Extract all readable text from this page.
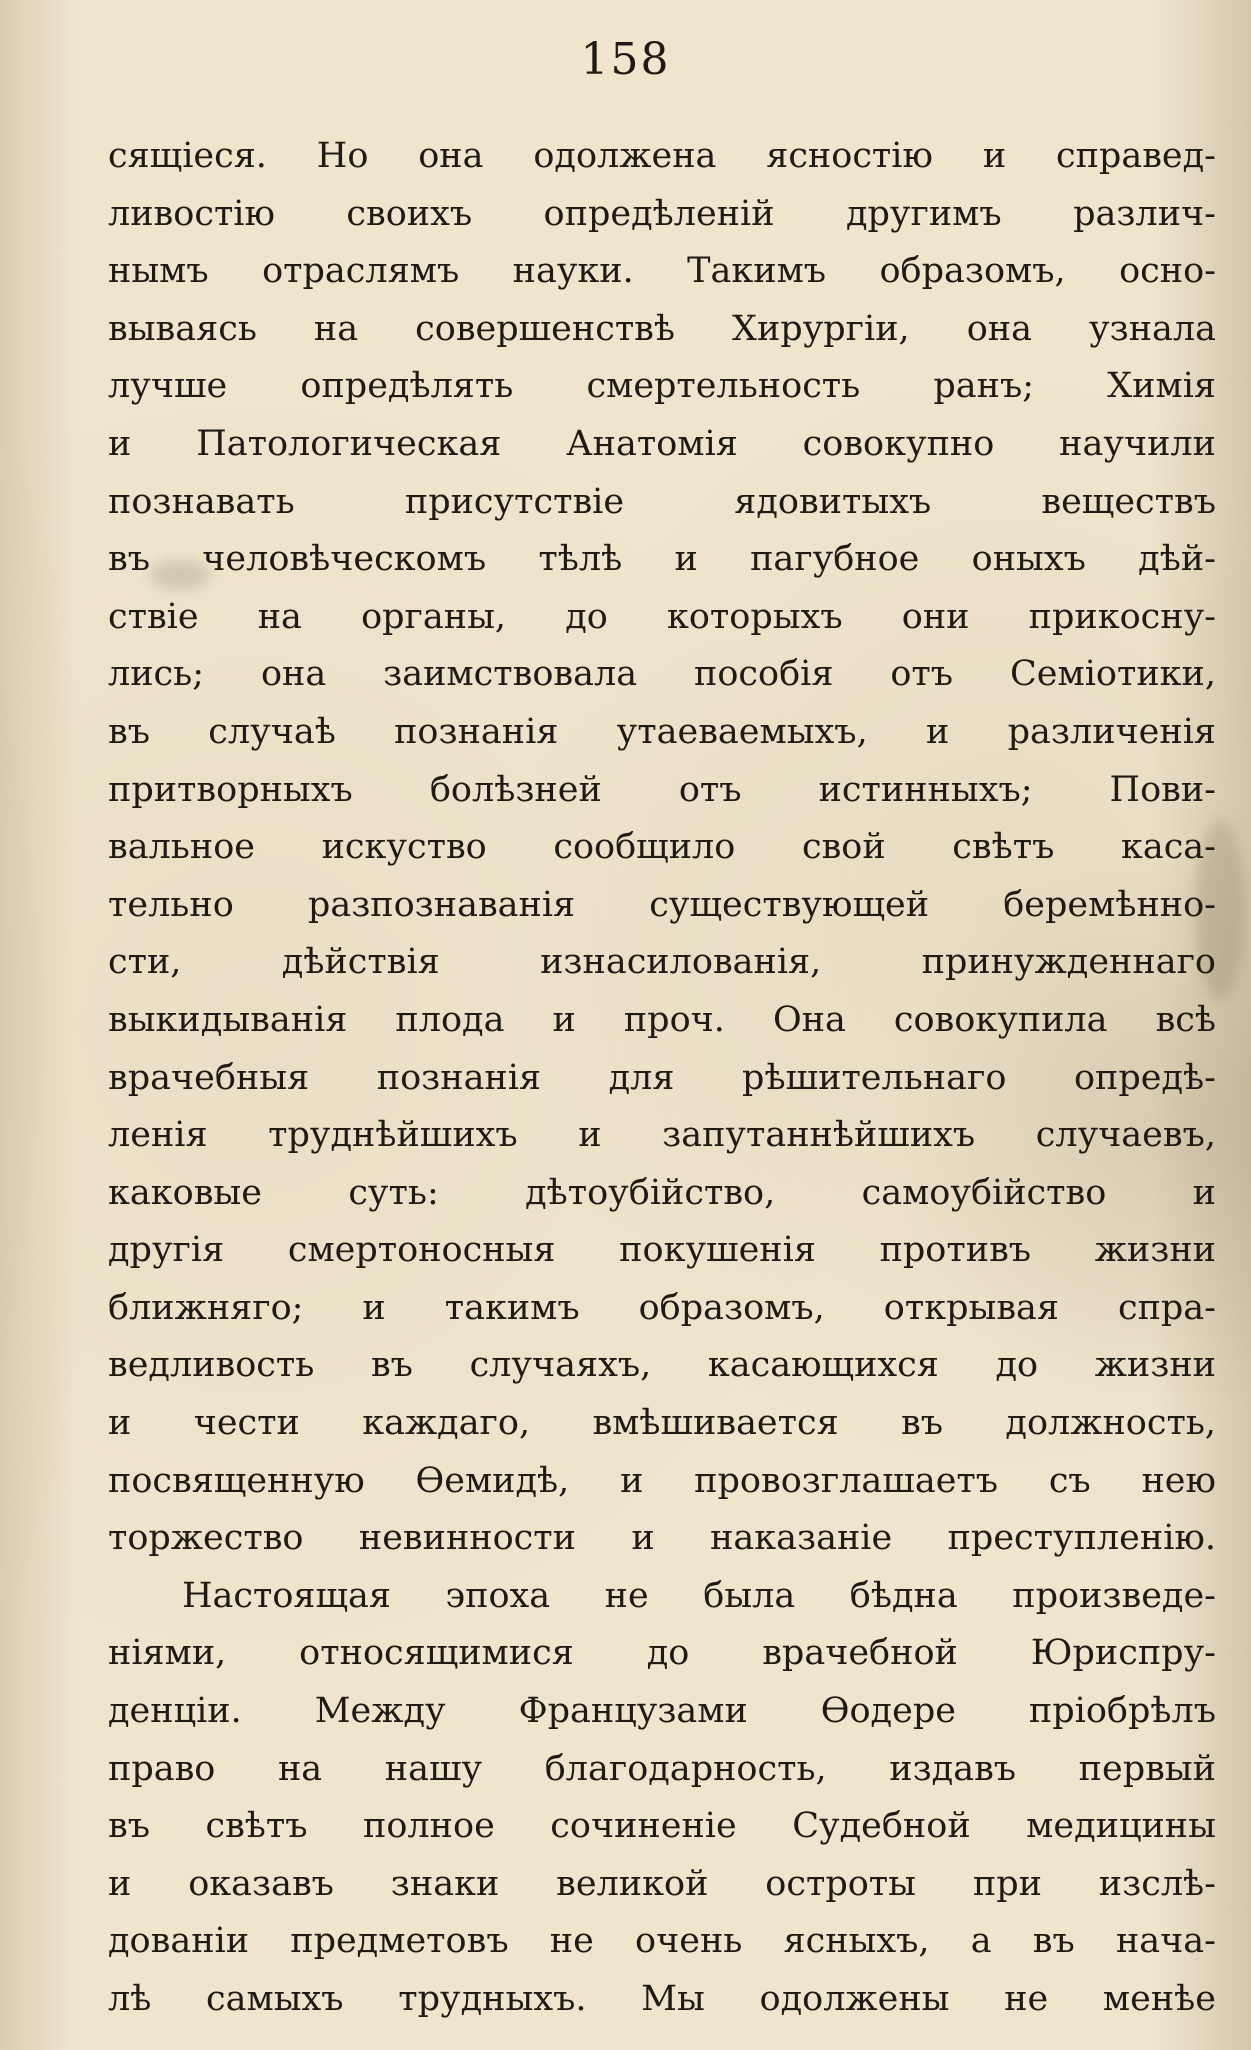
158
сящіеся. Но она одолжена ясностію и справед-
ливостію своихъ опредѣленій другимъ различ-
нымъ отраслямъ науки. Такимъ образомъ, осно-
вываясь на совершенствѣ Хирургіи, она узнала
лучше опредѣлять смертельность ранъ; Химія
и Патологическая Анатомія совокупно научили
познавать присутствіе ядовитыхъ веществъ
въ человѣческомъ тѣлѣ и пагубное оныхъ дѣй-
ствіе на органы, до которыхъ они прикосну-
лись; она заимствовала пособія отъ Семіотики,
въ случаѣ познанія утаеваемыхъ, и различенія
притворныхъ болѣзней отъ истинныхъ; Пови-
вальное искуство сообщило свой свѣтъ каса-
тельно разпознаванія существующей беремѣнно-
сти, дѣйствія изнасилованія, принужденнаго
выкидыванія плода и проч. Она совокупила всѣ
врачебныя познанія для рѣшительнаго опредѣ-
ленія труднѣйшихъ и запутаннѣйшихъ случаевъ,
каковые суть: дѣтоубійство, самоубійство и
другія смертоносныя покушенія противъ жизни
ближняго; и такимъ образомъ, открывая спра-
ведливость въ случаяхъ, касающихся до жизни
и чести каждаго, вмѣшивается въ должность,
посвященную Ѳемидѣ, и провозглашаетъ съ нею
торжество невинности и наказаніе преступленію.
Настоящая эпоха не была бѣдна произведе-
ніями, относящимися до врачебной Юриспру-
денціи. Между Французами Ѳодере пріобрѣлъ
право на нашу благодарность, издавъ первый
въ свѣтъ полное сочиненіе Судебной медицины
и оказавъ знаки великой остроты при изслѣ-
дованіи предметовъ не очень ясныхъ, а въ нача-
лѣ самыхъ трудныхъ. Мы одолжены не менѣе
